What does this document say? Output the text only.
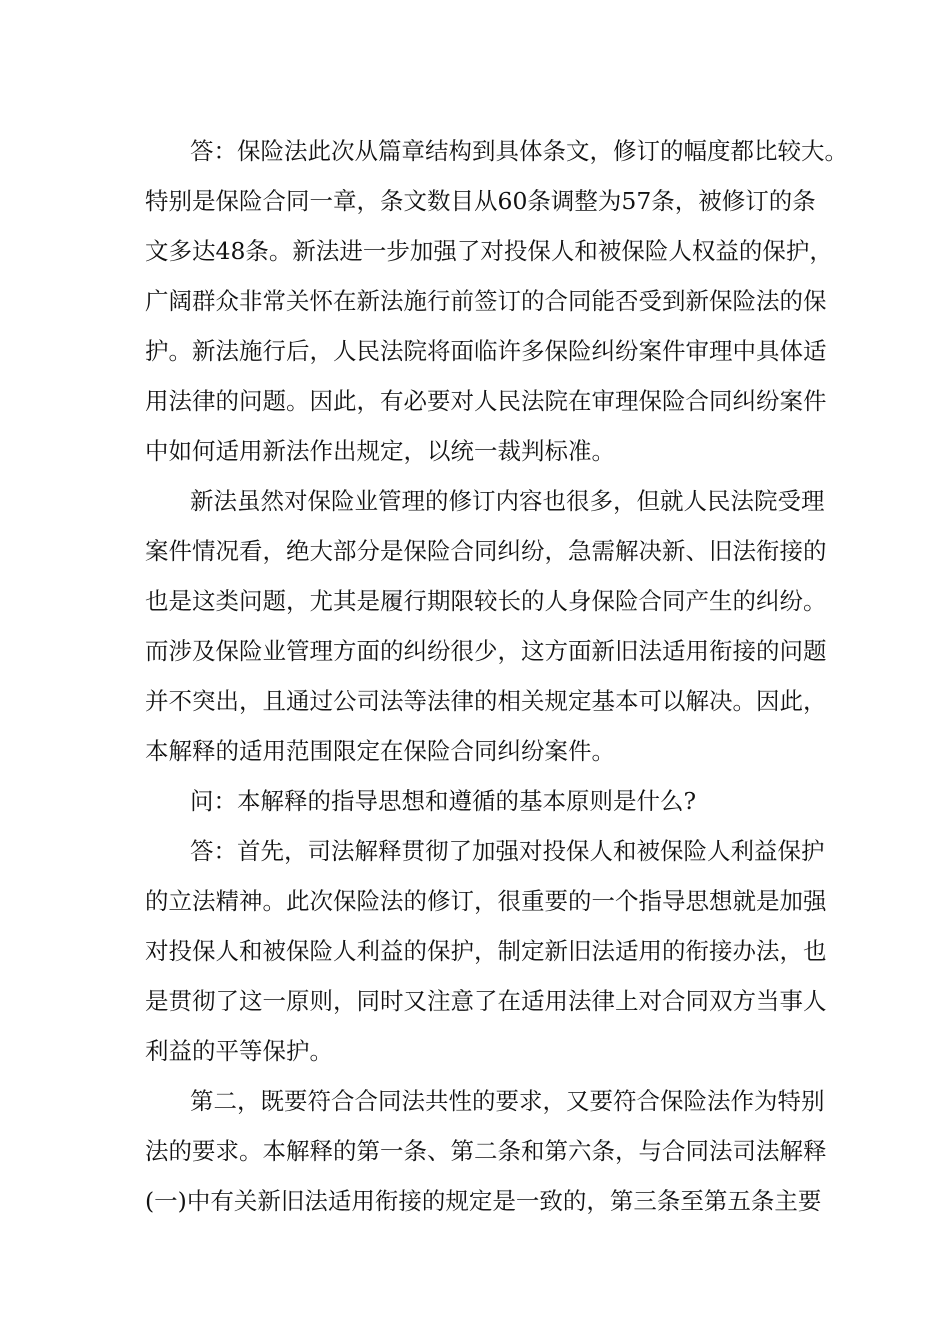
答：保险法此次从篇章结构到具体条文，修订的幅度都比较大。
特别是保险合同一章，条文数目从60条调整为57条，被修订的条
文多达48条。新法进一步加强了对投保人和被保险人权益的保护，
广阔群众非常关怀在新法施行前签订的合同能否受到新保险法的保
护。新法施行后，人民法院将面临许多保险纠纷案件审理中具体适
用法律的问题。因此，有必要对人民法院在审理保险合同纠纷案件
中如何适用新法作出规定，以统一裁判标准。
新法虽然对保险业管理的修订内容也很多，但就人民法院受理
案件情况看，绝大部分是保险合同纠纷，急需解决新、旧法衔接的
也是这类问题，尤其是履行期限较长的人身保险合同产生的纠纷。
而涉及保险业管理方面的纠纷很少，这方面新旧法适用衔接的问题
并不突出，且通过公司法等法律的相关规定基本可以解决。因此，
本解释的适用范围限定在保险合同纠纷案件。
问：本解释的指导思想和遵循的基本原则是什么?
答：首先，司法解释贯彻了加强对投保人和被保险人利益保护
的立法精神。此次保险法的修订，很重要的一个指导思想就是加强
对投保人和被保险人利益的保护，制定新旧法适用的衔接办法，也
是贯彻了这一原则，同时又注意了在适用法律上对合同双方当事人
利益的平等保护。
第二，既要符合合同法共性的要求，又要符合保险法作为特别
法的要求。本解释的第一条、第二条和第六条，与合同法司法解释
(一)中有关新旧法适用衔接的规定是一致的，第三条至第五条主要
